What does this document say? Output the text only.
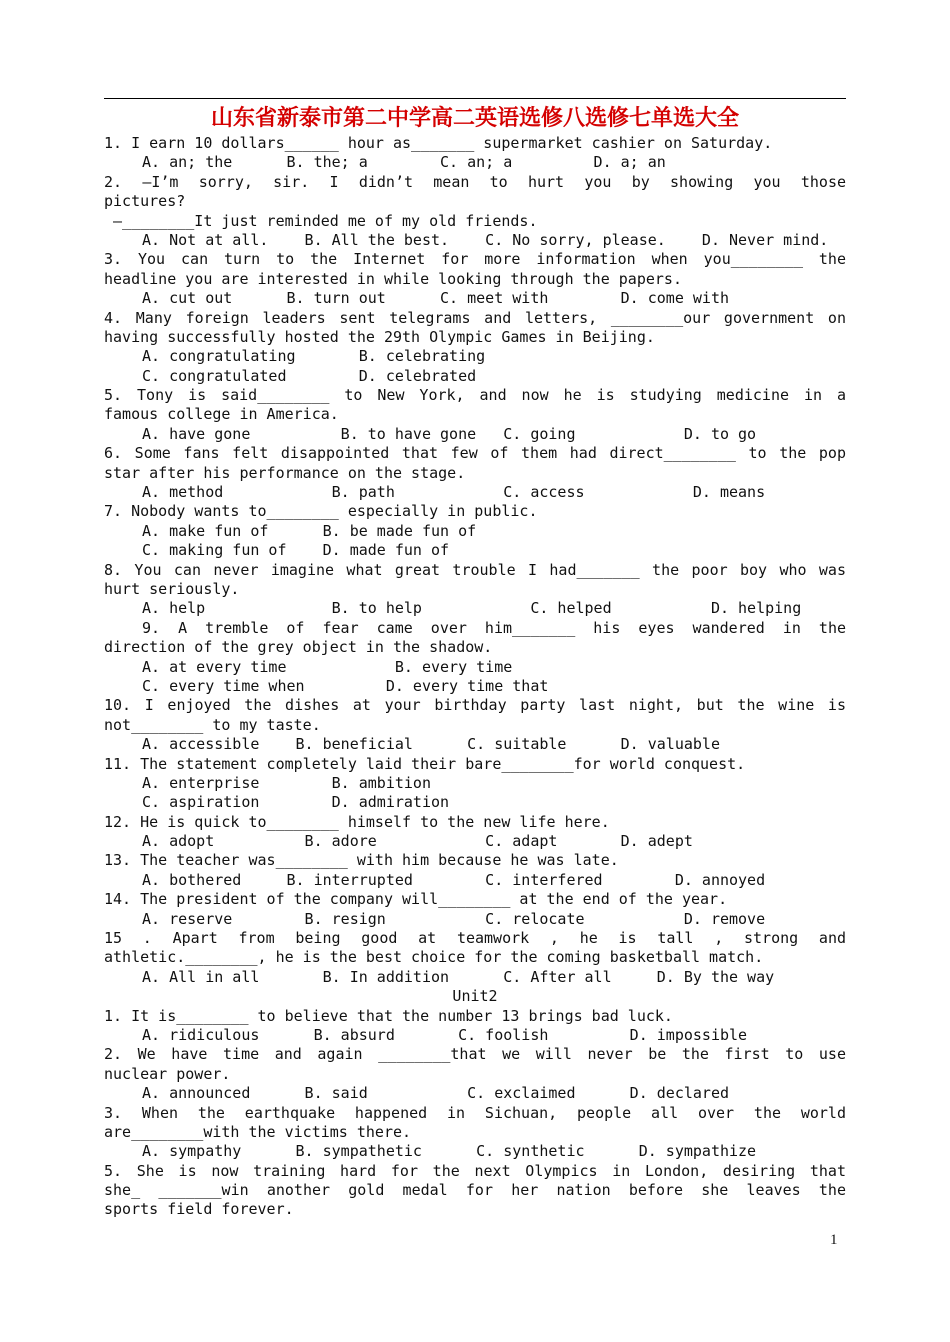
山东省新泰市第二中学高二英语选修八选修七单选大全
1. I earn 10 dollars______ hour as_______ supermarket cashier on Saturday.
A. an; the      B. the; a        C. an; a         D. a; an
2. —I’m sorry, sir. I didn’t mean to hurt you by showing you those
pictures?
—________It just reminded me of my old friends.
A. Not at all.    B. All the best.    C. No sorry, please.    D. Never mind.
3. You can turn to the Internet for more information when you________ the
headline you are interested in while looking through the papers.
A. cut out      B. turn out      C. meet with        D. come with
4. Many foreign leaders sent telegrams and letters, ________our government on
having successfully hosted the 29th Olympic Games in Beijing.
A. congratulating       B. celebrating
C. congratulated        D. celebrated
5. Tony is said________ to New York, and now he is studying medicine in a
famous college in America.
A. have gone          B. to have gone   C. going            D. to go
6. Some fans felt disappointed that few of them had direct________ to the pop
star after his performance on the stage.
A. method            B. path            C. access            D. means
7. Nobody wants to________ especially in public.
A. make fun of      B. be made fun of
C. making fun of    D. made fun of
8. You can never imagine what great trouble I had_______ the poor boy who was
hurt seriously.
A. help              B. to help            C. helped           D. helping
9. A tremble of fear came over him_______ his eyes wandered in the
direction of the grey object in the shadow.
A. at every time            B. every time
C. every time when         D. every time that
10. I enjoyed the dishes at your birthday party last night, but the wine is
not________ to my taste.
A. accessible    B. beneficial      C. suitable      D. valuable
11. The statement completely laid their bare________for world conquest.
A. enterprise        B. ambition
C. aspiration        D. admiration
12. He is quick to________ himself to the new life here.
A. adopt          B. adore            C. adapt       D. adept
13. The teacher was________ with him because he was late.
A. bothered     B. interrupted        C. interfered        D. annoyed
14. The president of the company will________ at the end of the year.
A. reserve        B. resign           C. relocate           D. remove
15 . Apart from being good at teamwork , he is tall , strong and
athletic.________, he is the best choice for the coming basketball match.
A. All in all       B. In addition      C. After all     D. By the way
Unit2
1. It is________ to believe that the number 13 brings bad luck.
A. ridiculous      B. absurd       C. foolish         D. impossible
2. We have time and again ________that we will never be the first to use
nuclear power.
A. announced      B. said           C. exclaimed      D. declared
3. When the earthquake happened in Sichuan, people all over the world
are________with the victims there.
A. sympathy      B. sympathetic      C. synthetic      D. sympathize
5. She is now training hard for the next Olympics in London, desiring that
she_ _______win another gold medal for her nation before she leaves the
sports field forever.
1
